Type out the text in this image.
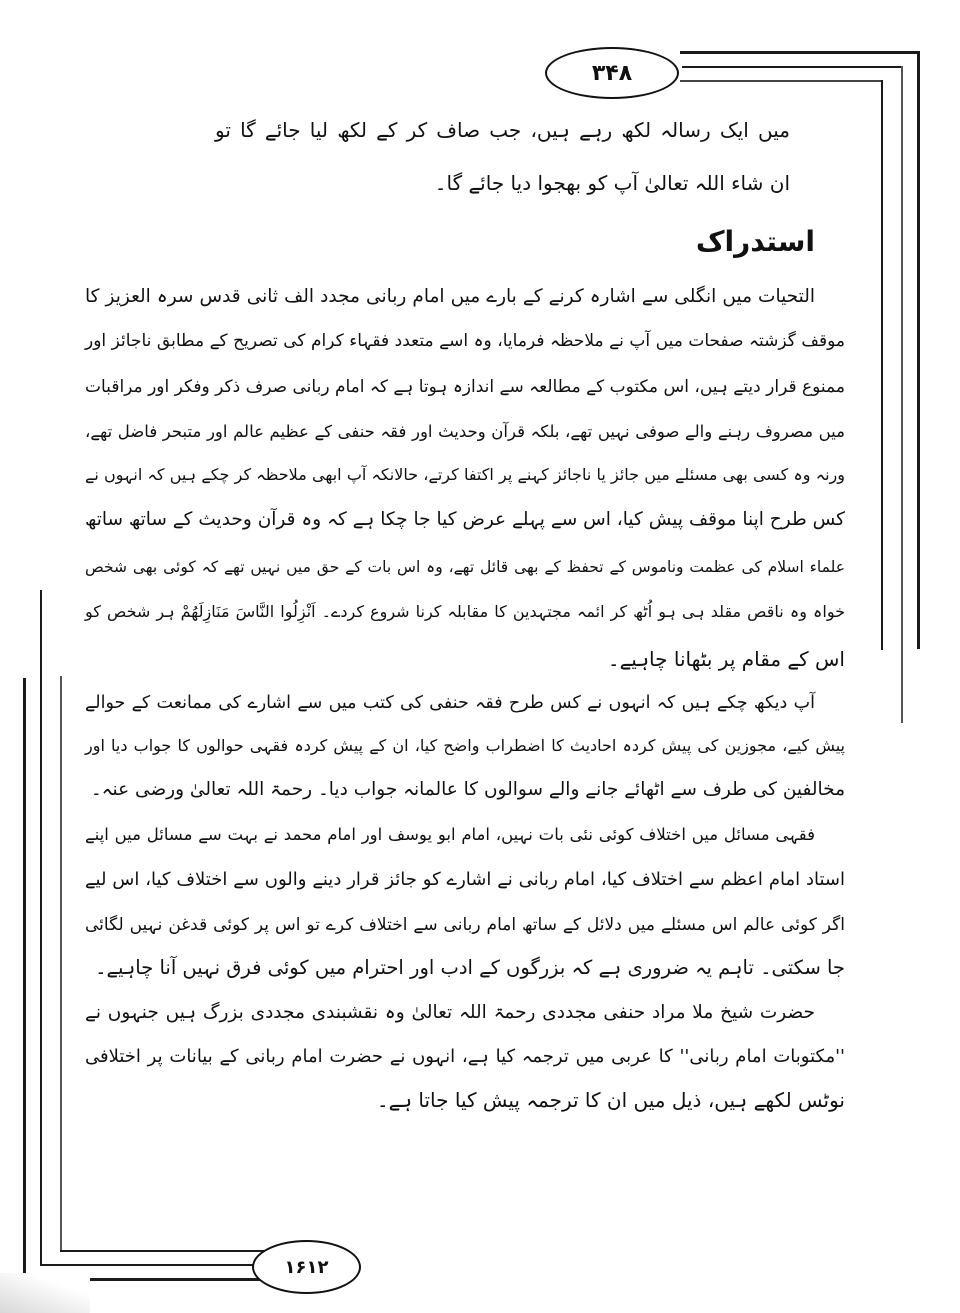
۳۴۸
۱۶۱۲
میں ایک رسالہ لکھ رہے ہیں، جب صاف کر کے لکھ لیا جائے گا تو
ان شاء اللہ تعالیٰ آپ کو بھجوا دیا جائے گا۔
استدراک
التحیات میں انگلی سے اشارہ کرنے کے بارے میں امام ربانی مجدد الف ثانی قدس سرہ العزیز کا
موقف گزشتہ صفحات میں آپ نے ملاحظہ فرمایا، وہ اسے متعدد فقہاء کرام کی تصریح کے مطابق ناجائز اور
ممنوع قرار دیتے ہیں، اس مکتوب کے مطالعہ سے اندازہ ہوتا ہے کہ امام ربانی صرف ذکر وفکر اور مراقبات
میں مصروف رہنے والے صوفی نہیں تھے، بلکہ قرآن وحدیث اور فقہ حنفی کے عظیم عالم اور متبحر فاضل تھے،
ورنہ وہ کسی بھی مسئلے میں جائز یا ناجائز کہنے پر اکتفا کرتے، حالانکہ آپ ابھی ملاحظہ کر چکے ہیں کہ انہوں نے
کس طرح اپنا موقف پیش کیا، اس سے پہلے عرض کیا جا چکا ہے کہ وہ قرآن وحدیث کے ساتھ ساتھ
علماء اسلام کی عظمت وناموس کے تحفظ کے بھی قائل تھے، وہ اس بات کے حق میں نہیں تھے کہ کوئی بھی شخص
خواہ وہ ناقص مقلد ہی ہو اُٹھ کر ائمہ مجتہدین کا مقابلہ کرنا شروع کردے۔ اَنْزِلُوا النَّاسَ مَنَازِلَهُمْ ہر شخص کو
اس کے مقام پر بٹھانا چاہیے۔
آپ دیکھ چکے ہیں کہ انہوں نے کس طرح فقہ حنفی کی کتب میں سے اشارے کی ممانعت کے حوالے
پیش کیے، مجوزین کی پیش کردہ احادیث کا اضطراب واضح کیا، ان کے پیش کردہ فقہی حوالوں کا جواب دیا اور
مخالفین کی طرف سے اٹھائے جانے والے سوالوں کا عالمانہ جواب دیا۔ رحمۃ اللہ تعالیٰ ورضی عنہ۔
فقہی مسائل میں اختلاف کوئی نئی بات نہیں، امام ابو یوسف اور امام محمد نے بہت سے مسائل میں اپنے
استاد امام اعظم سے اختلاف کیا، امام ربانی نے اشارے کو جائز قرار دینے والوں سے اختلاف کیا، اس لیے
اگر کوئی عالم اس مسئلے میں دلائل کے ساتھ امام ربانی سے اختلاف کرے تو اس پر کوئی قدغن نہیں لگائی
جا سکتی۔ تاہم یہ ضروری ہے کہ بزرگوں کے ادب اور احترام میں کوئی فرق نہیں آنا چاہیے۔
حضرت شیخ ملا مراد حنفی مجددی رحمۃ اللہ تعالیٰ وہ نقشبندی مجددی بزرگ ہیں جنہوں نے
''مکتوبات امام ربانی'' کا عربی میں ترجمہ کیا ہے، انہوں نے حضرت امام ربانی کے بیانات پر اختلافی
نوٹس لکھے ہیں، ذیل میں ان کا ترجمہ پیش کیا جاتا ہے۔
